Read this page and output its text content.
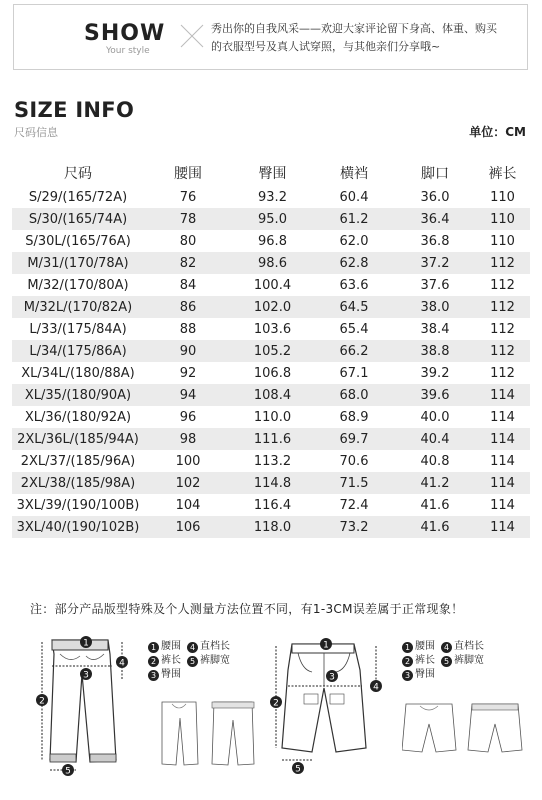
SHOW
Your style
秀出你的自我风采——欢迎大家评论留下身高、体重、购买
的衣服型号及真人试穿照，与其他亲们分享哦~
SIZE INFO
尺码信息	单位：CM
尺码	腰围	臀围	横裆	脚口	裤长
S/29/(165/72A)	76	93.2	60.4	36.0	110
S/30/(165/74A)	78	95.0	61.2	36.4	110
S/30L/(165/76A)	80	96.8	62.0	36.8	110
M/31/(170/78A)	82	98.6	62.8	37.2	112
M/32/(170/80A)	84	100.4	63.6	37.6	112
M/32L/(170/82A)	86	102.0	64.5	38.0	112
L/33/(175/84A)	88	103.6	65.4	38.4	112
L/34/(175/86A)	90	105.2	66.2	38.8	112
XL/34L/(180/88A)	92	106.8	67.1	39.2	112
XL/35/(180/90A)	94	108.4	68.0	39.6	114
XL/36/(180/92A)	96	110.0	68.9	40.0	114
2XL/36L/(185/94A)	98	111.6	69.7	40.4	114
2XL/37/(185/96A)	100	113.2	70.6	40.8	114
2XL/38/(185/98A)	102	114.8	71.5	41.2	114
3XL/39/(190/100B)	104	116.4	72.4	41.6	114
3XL/40/(190/102B)	106	118.0	73.2	41.6	114
注：部分产品版型特殊及个人测量方法位置不同，有1-3CM误差属于正常现象！
1
2
3
4
5
1 腰围	4 直档长
2 裤长	5 裤脚宽
3 臀围
1
2
3
4
5
1 腰围	4 直档长
2 裤长	5 裤脚宽
3 臀围
